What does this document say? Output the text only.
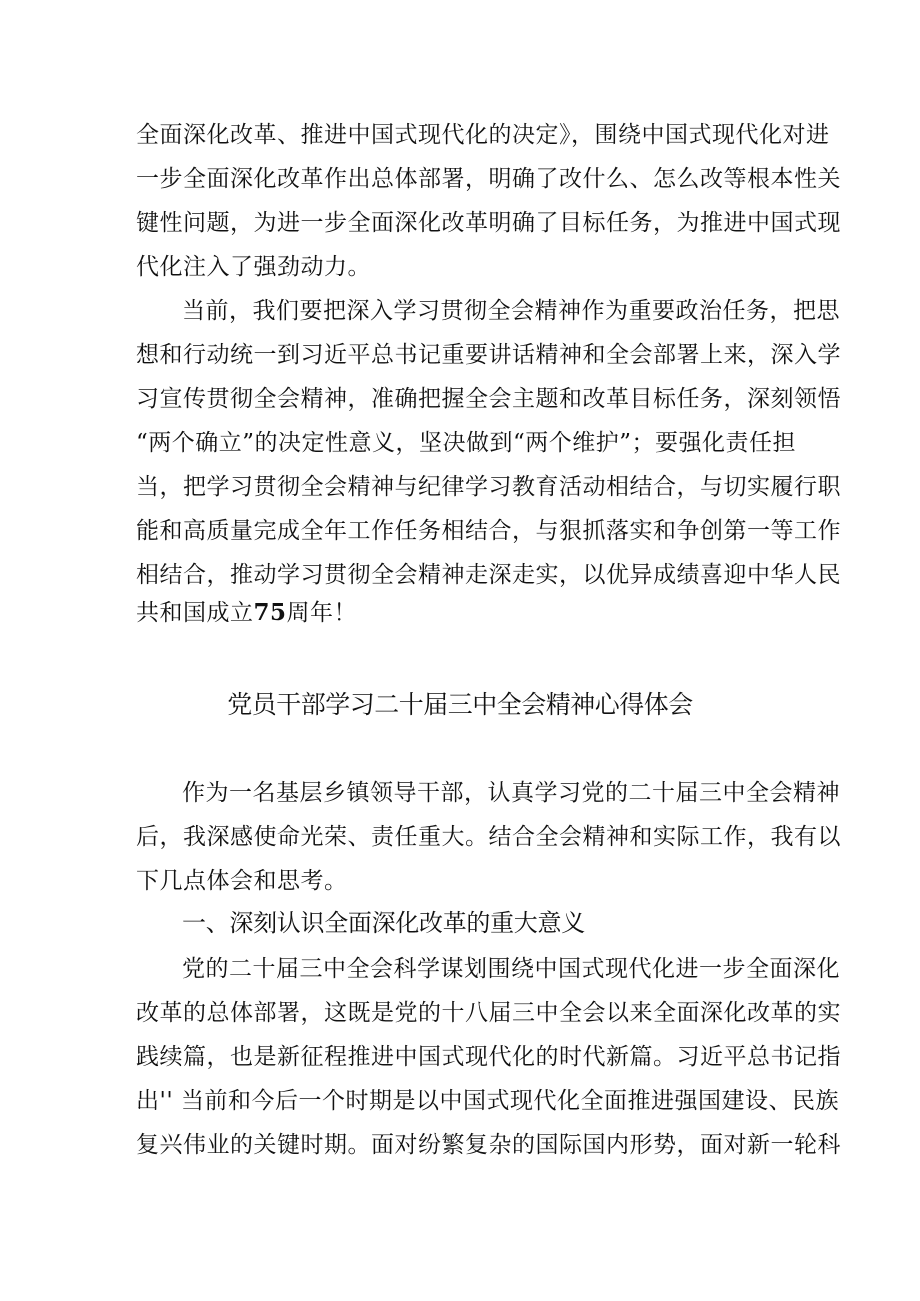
全面深化改革、推进中国式现代化的决定》，围绕中国式现代化对进
一步全面深化改革作出总体部署，明确了改什么、怎么改等根本性关
键性问题，为进一步全面深化改革明确了目标任务，为推进中国式现
代化注入了强劲动力。
当前，我们要把深入学习贯彻全会精神作为重要政治任务，把思
想和行动统一到习近平总书记重要讲话精神和全会部署上来，深入学
习宣传贯彻全会精神，准确把握全会主题和改革目标任务，深刻领悟
“两个确立”的决定性意义，坚决做到“两个维护”；要强化责任担
当，把学习贯彻全会精神与纪律学习教育活动相结合，与切实履行职
能和高质量完成全年工作任务相结合，与狠抓落实和争创第一等工作
相结合，推动学习贯彻全会精神走深走实，以优异成绩喜迎中华人民
共和国成立75周年！
党员干部学习二十届三中全会精神心得体会
作为一名基层乡镇领导干部，认真学习党的二十届三中全会精神
后，我深感使命光荣、责任重大。结合全会精神和实际工作，我有以
下几点体会和思考。
一、深刻认识全面深化改革的重大意义
党的二十届三中全会科学谋划围绕中国式现代化进一步全面深化
改革的总体部署，这既是党的十八届三中全会以来全面深化改革的实
践续篇，也是新征程推进中国式现代化的时代新篇。习近平总书记指
出'' 当前和今后一个时期是以中国式现代化全面推进强国建设、民族
复兴伟业的关键时期。面对纷繁复杂的国际国内形势，面对新一轮科
